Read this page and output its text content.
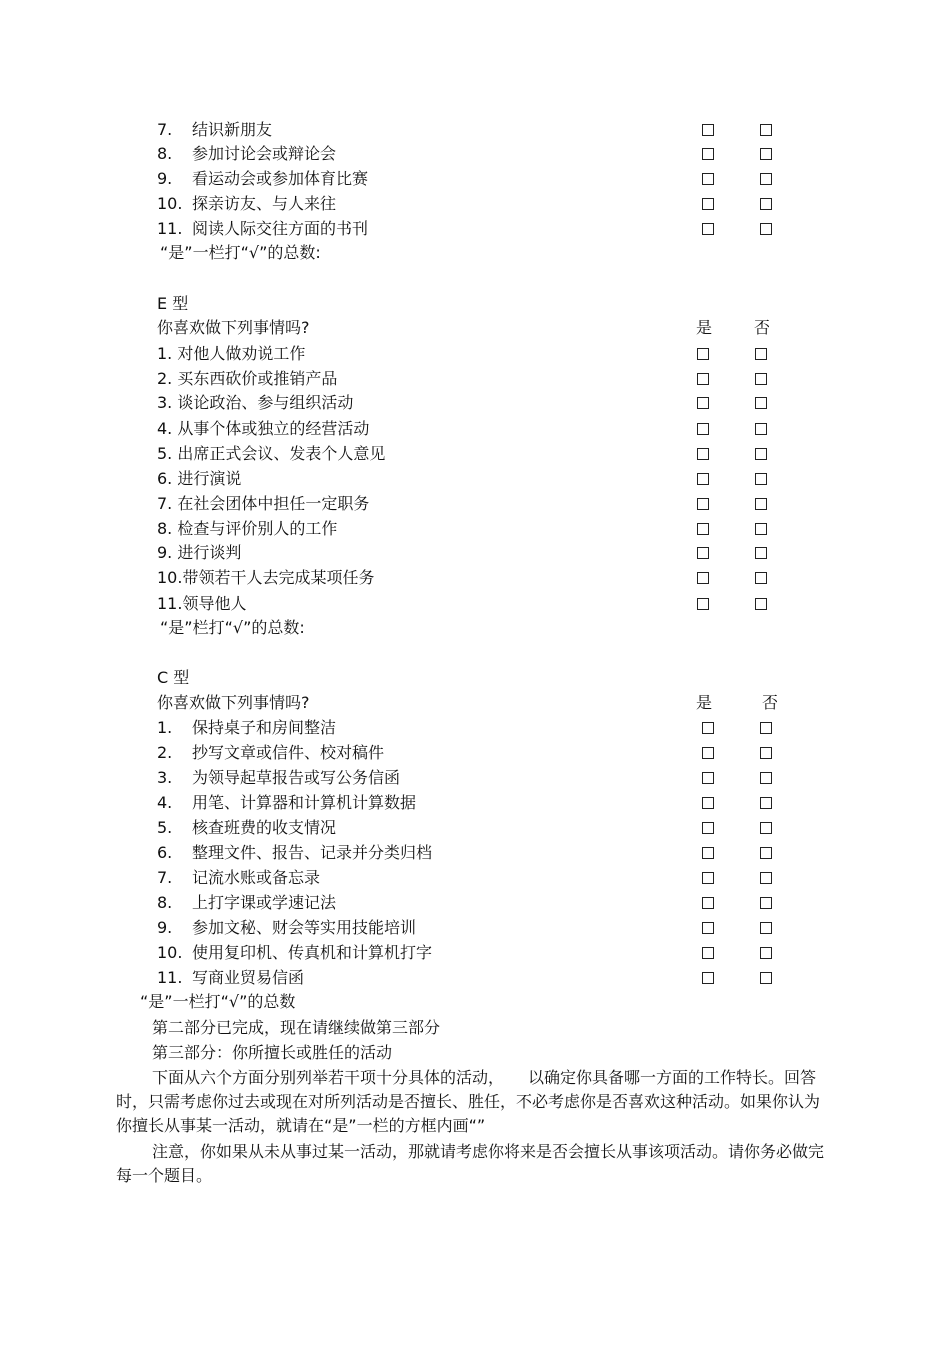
7. 结识新朋友
8. 参加讨论会或辩论会
9. 看运动会或参加体育比赛
10. 探亲访友、与人来往
11. 阅读人际交往方面的书刊
“是”一栏打“√”的总数:
E 型
你喜欢做下列事情吗?	是	否
1. 对他人做劝说工作
2. 买东西砍价或推销产品
3. 谈论政治、参与组织活动
4. 从事个体或独立的经营活动
5. 出席正式会议、发表个人意见
6. 进行演说
7. 在社会团体中担任一定职务
8. 检查与评价别人的工作
9. 进行谈判
10.带领若干人去完成某项任务
11.领导他人
“是”栏打“√”的总数:
C 型
你喜欢做下列事情吗?	是	否
1. 保持桌子和房间整洁
2. 抄写文章或信件、校对稿件
3. 为领导起草报告或写公务信函
4. 用笔、计算器和计算机计算数据
5. 核查班费的收支情况
6. 整理文件、报告、记录并分类归档
7. 记流水账或备忘录
8. 上打字课或学速记法
9. 参加文秘、财会等实用技能培训
10. 使用复印机、传真机和计算机打字
11. 写商业贸易信函
“是”一栏打“√”的总数
第二部分已完成，现在请继续做第三部分
第三部分：你所擅长或胜任的活动
下面从六个方面分别列举若干项十分具体的活动，　　以确定你具备哪一方面的工作特长。回答时，只需考虑你过去或现在对所列活动是否擅长、胜任，不必考虑你是否喜欢这种活动。如果你认为你擅长从事某一活动，就请在“是”一栏的方框内画“”
注意，你如果从未从事过某一活动，那就请考虑你将来是否会擅长从事该项活动。请你务必做完每一个题目。
